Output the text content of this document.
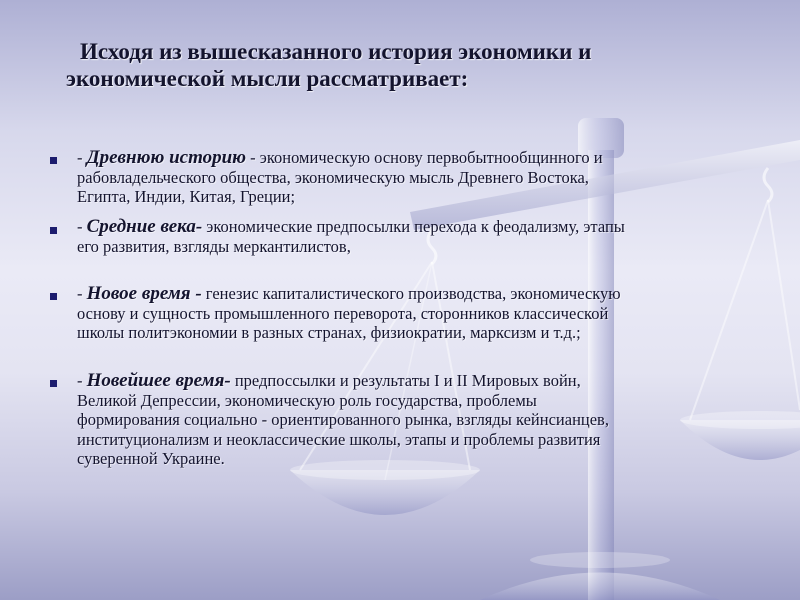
Исходя из вышесказанного история экономики и
экономической мысли рассматривает:
- Древнюю историю - экономическую основу первобытнообщинного и
рабовладельческого общества, экономическую мысль Древнего Востока,
Египта, Индии, Китая, Греции;
- Средние века- экономические предпосылки перехода к феодализму, этапы
его развития, взгляды меркантилистов,
- Новое время - генезис капиталистического производства, экономическую
основу и сущность промышленного переворота, сторонников классической
школы политэкономии в разных странах, физиократии, марксизм и т.д.;
- Новейшее время- предпоссылки и результаты I и II Мировых войн,
Великой Депрессии, экономическую роль государства, проблемы
формирования социально - ориентированного рынка, взгляды кейнсианцев,
институционализм и неоклассические школы, этапы и проблемы развития
суверенной Украине.
